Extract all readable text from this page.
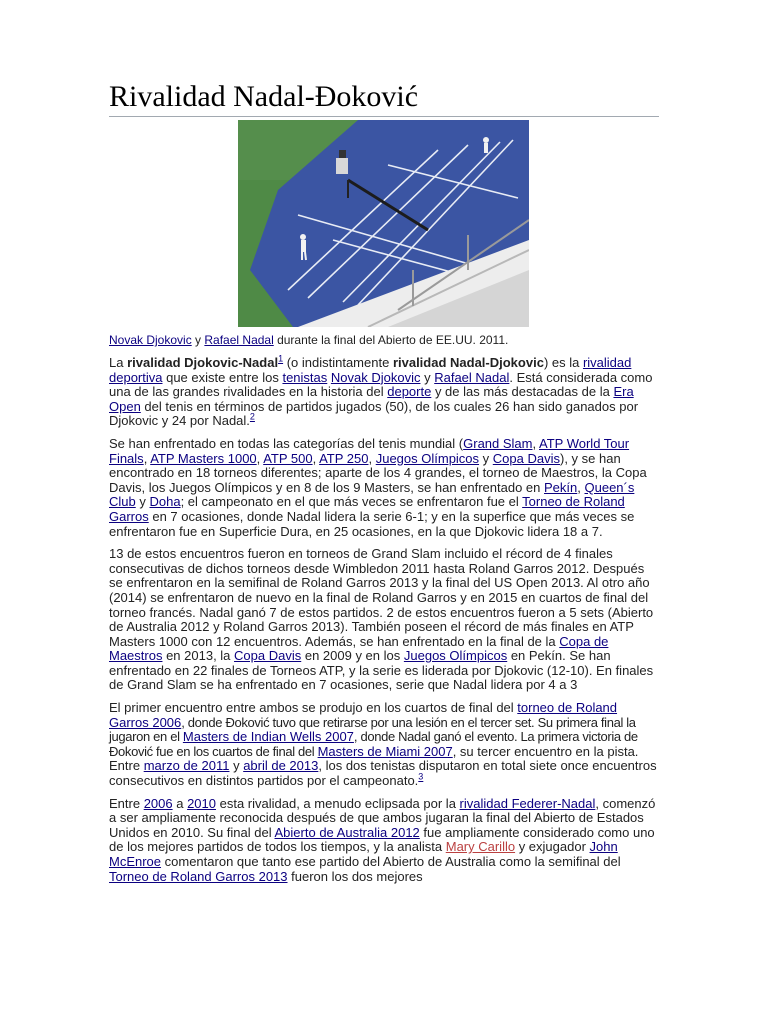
Rivalidad Nadal-Đoković
Novak Djokovic y Rafael Nadal durante la final del Abierto de EE.UU. 2011.

La rivalidad Djokovic-Nadal$^1$ (o indistintamente rivalidad Nadal-Djokovic) es la rivalidad deportiva que existe entre los tenistas Novak Djokovic y Rafael Nadal. Está considerada como una de las grandes rivalidades en la historia del deporte y de las más destacadas de la Era Open del tenis en términos de partidos jugados (50), de los cuales 26 han sido ganados por Djokovic y 24 por Nadal.$^2$

Se han enfrentado en todas las categorías del tenis mundial (Grand Slam, ATP World Tour Finals, ATP Masters 1000, ATP 500, ATP 250, Juegos Olímpicos y Copa Davis), y se han encontrado en 18 torneos diferentes; aparte de los 4 grandes, el torneo de Maestros, la Copa Davis, los Juegos Olímpicos y en 8 de los 9 Masters, se han enfrentado en Pekín, Queen´s Club y Doha; el campeonato en el que más veces se enfrentaron fue el Torneo de Roland Garros en 7 ocasiones, donde Nadal lidera la serie 6-1; y en la superfice que más veces se enfrentaron fue en Superficie Dura, en 25 ocasiones, en la que Djokovic lidera 18 a 7.

13 de estos encuentros fueron en torneos de Grand Slam incluido el récord de 4 finales consecutivas de dichos torneos desde Wimbledon 2011 hasta Roland Garros 2012. Después se enfrentaron en la semifinal de Roland Garros 2013 y la final del US Open 2013. Al otro año (2014) se enfrentaron de nuevo en la final de Roland Garros y en 2015 en cuartos de final del torneo francés. Nadal ganó 7 de estos partidos. 2 de estos encuentros fueron a 5 sets (Abierto de Australia 2012 y Roland Garros 2013). También poseen el récord de más finales en ATP Masters 1000 con 12 encuentros. Además, se han enfrentado en la final de la Copa de Maestros en 2013, la Copa Davis en 2009 y en los Juegos Olímpicos en Pekín. Se han enfrentado en 22 finales de Torneos ATP, y la serie es liderada por Djokovic (12-10). En finales de Grand Slam se ha enfrentado en 7 ocasiones, serie que Nadal lidera por 4 a 3

El primer encuentro entre ambos se produjo en los cuartos de final del torneo de Roland Garros 2006, donde Đoković tuvo que retirarse por una lesión en el tercer set. Su primera final la jugaron en el Masters de Indian Wells 2007, donde Nadal ganó el evento. La primera victoria de Đoković fue en los cuartos de final del Masters de Miami 2007, su tercer encuentro en la pista. Entre marzo de 2011 y abril de 2013, los dos tenistas disputaron en total siete once encuentros consecutivos en distintos partidos por el campeonato.$^3$

Entre 2006 a 2010 esta rivalidad, a menudo eclipsada por la rivalidad Federer-Nadal, comenzó a ser ampliamente reconocida después de que ambos jugaran la final del Abierto de Estados Unidos en 2010. Su final del Abierto de Australia 2012 fue ampliamente considerado como uno de los mejores partidos de todos los tiempos, y la analista Mary Carillo y exjugador John McEnroe comentaron que tanto ese partido del Abierto de Australia como la semifinal del Torneo de Roland Garros 2013 fueron los dos mejores
